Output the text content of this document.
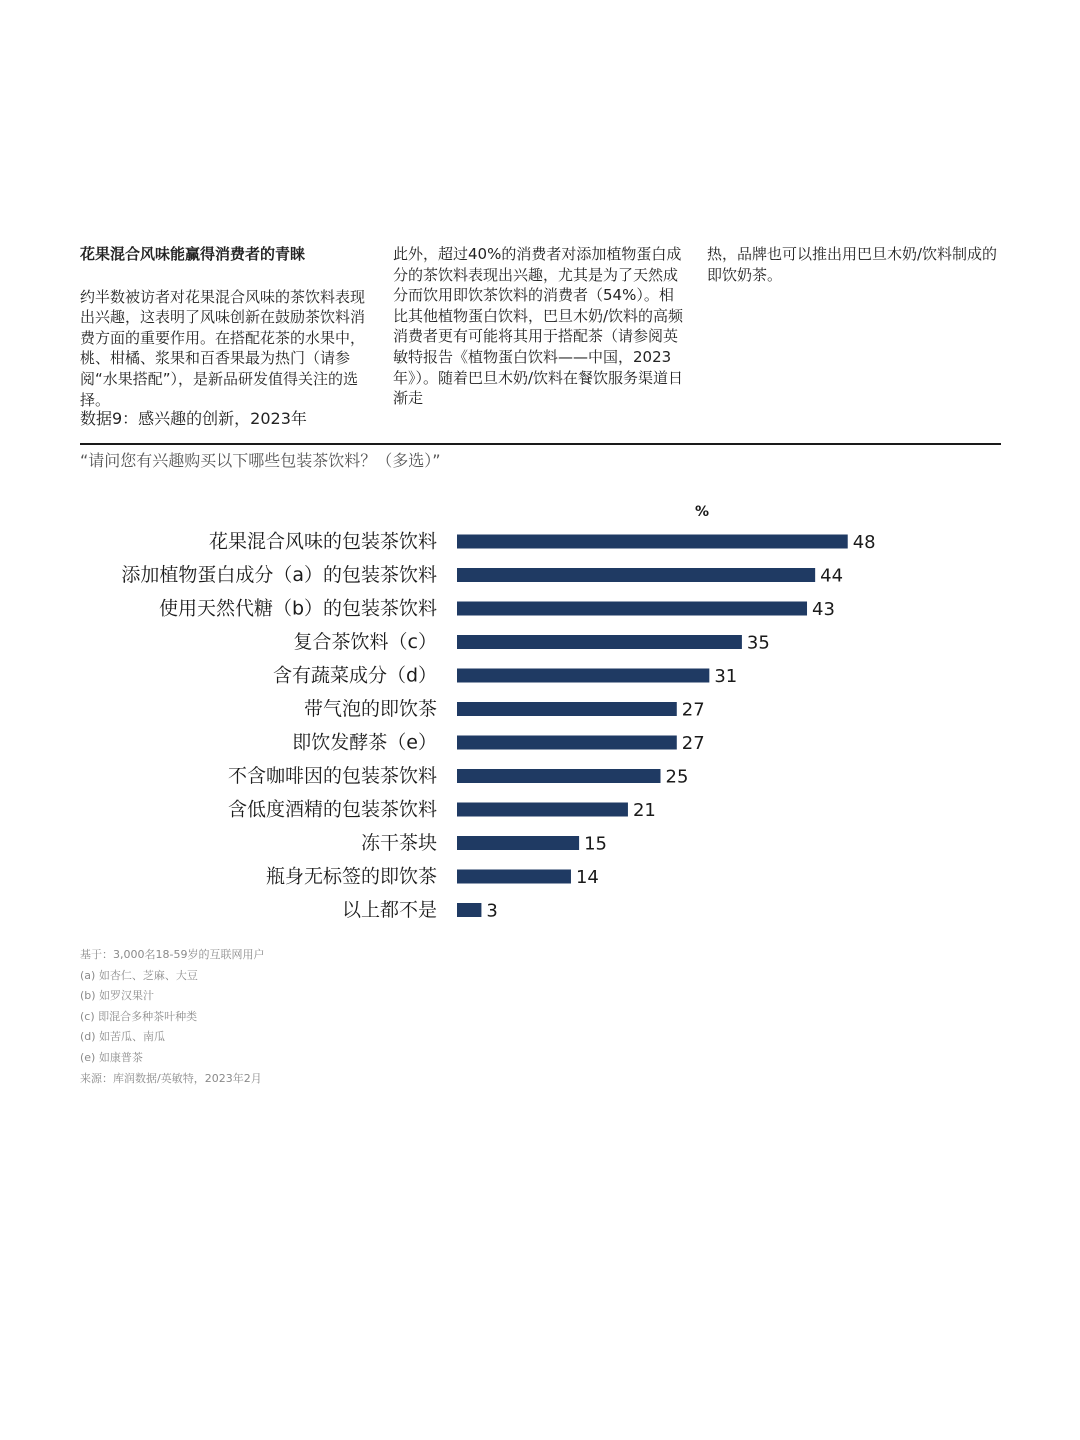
花果混合风味能赢得消费者的青睐

约半数被访者对花果混合风味的茶饮料表现出兴趣，这表明了风味创新在鼓励茶饮料消费方面的重要作用。在搭配花茶的水果中，桃、柑橘、浆果和百香果最为热门（请参阅“水果搭配”），是新品研发值得关注的选择。

此外，超过40%的消费者对添加植物蛋白成分的茶饮料表现出兴趣，尤其是为了天然成分而饮用即饮茶饮料的消费者（54%）。相比其他植物蛋白饮料，巴旦木奶/饮料的高频消费者更有可能将其用于搭配茶（请参阅英敏特报告《植物蛋白饮料——中国，2023年》）。随着巴旦木奶/饮料在餐饮服务渠道日渐走

热，品牌也可以推出用巴旦木奶/饮料制成的即饮奶茶。

数据9：感兴趣的创新，2023年
“请问您有兴趣购买以下哪些包装茶饮料？（多选）”
%
花果混合风味的包装茶饮料	48
添加植物蛋白成分（a）的包装茶饮料	44
使用天然代糖（b）的包装茶饮料	43
复合茶饮料（c）	35
含有蔬菜成分（d）	31
带气泡的即饮茶	27
即饮发酵茶（e）	27
不含咖啡因的包装茶饮料	25
含低度酒精的包装茶饮料	21
冻干茶块	15
瓶身无标签的即饮茶	14
以上都不是	3
基于：3,000名18-59岁的互联网用户
(a) 如杏仁、芝麻、大豆
(b) 如罗汉果汁
(c) 即混合多种茶叶种类
(d) 如苦瓜、南瓜
(e) 如康普茶
来源：库润数据/英敏特，2023年2月
